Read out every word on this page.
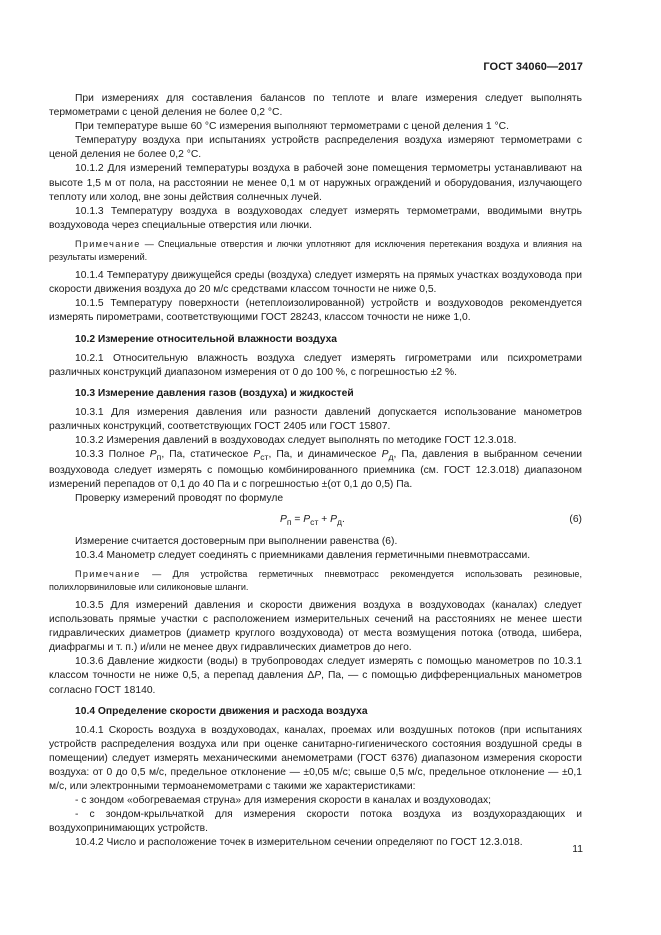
ГОСТ 34060—2017

При измерениях для составления балансов по теплоте и влаге измерения следует выполнять термометрами с ценой деления не более 0,2 °С.

При температуре выше 60 °С измерения выполняют термометрами с ценой деления 1 °С.

Температуру воздуха при испытаниях устройств распределения воздуха измеряют термометрами с ценой деления не более 0,2 °С.

10.1.2 Для измерений температуры воздуха в рабочей зоне помещения термометры устанавливают на высоте 1,5 м от пола, на расстоянии не менее 0,1 м от наружных ограждений и оборудования, излучающего теплоту или холод, вне зоны действия солнечных лучей.

10.1.3 Температуру воздуха в воздуховодах следует измерять термометрами, вводимыми внутрь воздуховода через специальные отверстия или лючки.

Примечание — Специальные отверстия и лючки уплотняют для исключения перетекания воздуха и влияния на результаты измерений.

10.1.4 Температуру движущейся среды (воздуха) следует измерять на прямых участках воздуховода при скорости движения воздуха до 20 м/с средствами классом точности не ниже 0,5.

10.1.5 Температуру поверхности (нетеплоизолированной) устройств и воздуховодов рекомендуется измерять пирометрами, соответствующими ГОСТ 28243, классом точности не ниже 1,0.

10.2 Измерение относительной влажности воздуха

10.2.1 Относительную влажность воздуха следует измерять гигрометрами или психрометрами различных конструкций диапазоном измерения от 0 до 100 %, с погрешностью ±2 %.

10.3 Измерение давления газов (воздуха) и жидкостей

10.3.1 Для измерения давления или разности давлений допускается использование манометров различных конструкций, соответствующих ГОСТ 2405 или ГОСТ 15807.

10.3.2 Измерения давлений в воздуховодах следует выполнять по методике ГОСТ 12.3.018.

10.3.3 Полное $P_п$, Па, статическое $P_{ст}$, Па, и динамическое $P_д$, Па, давления в выбранном сечении воздуховода следует измерять с помощью комбинированного приемника (см. ГОСТ 12.3.018) диапазоном измерений перепадов от 0,1 до 40 Па и с погрешностью ±(от 0,1 до 0,5) Па.

Проверку измерений проводят по формуле

$P_п = P_{ст} + P_д$.	(6)

Измерение считается достоверным при выполнении равенства (6).

10.3.4 Манометр следует соединять с приемниками давления герметичными пневмотрассами.

Примечание — Для устройства герметичных пневмотрасс рекомендуется использовать резиновые, полихлорвиниловые или силиконовые шланги.

10.3.5 Для измерений давления и скорости движения воздуха в воздуховодах (каналах) следует использовать прямые участки с расположением измерительных сечений на расстояниях не менее шести гидравлических диаметров (диаметр круглого воздуховода) от места возмущения потока (отвода, шибера, диафрагмы и т. п.) и/или не менее двух гидравлических диаметров до него.

10.3.6 Давление жидкости (воды) в трубопроводах следует измерять с помощью манометров по 10.3.1 классом точности не ниже 0,5, а перепад давления ΔP, Па, — с помощью дифференциальных манометров согласно ГОСТ 18140.

10.4 Определение скорости движения и расхода воздуха

10.4.1 Скорость воздуха в воздуховодах, каналах, проемах или воздушных потоков (при испытаниях устройств распределения воздуха или при оценке санитарно-гигиенического состояния воздушной среды в помещении) следует измерять механическими анемометрами (ГОСТ 6376) диапазоном измерения скорости воздуха: от 0 до 0,5 м/с, предельное отклонение — ±0,05 м/с; свыше 0,5 м/с, предельное отклонение — ±0,1 м/с, или электронными термоанемометрами с такими же характеристиками:

- с зондом «обогреваемая струна» для измерения скорости в каналах и воздуховодах;

- с зондом-крыльчаткой для измерения скорости потока воздуха из воздухораздающих и воздухопринимающих устройств.

10.4.2 Число и расположение точек в измерительном сечении определяют по ГОСТ 12.3.018.

11
